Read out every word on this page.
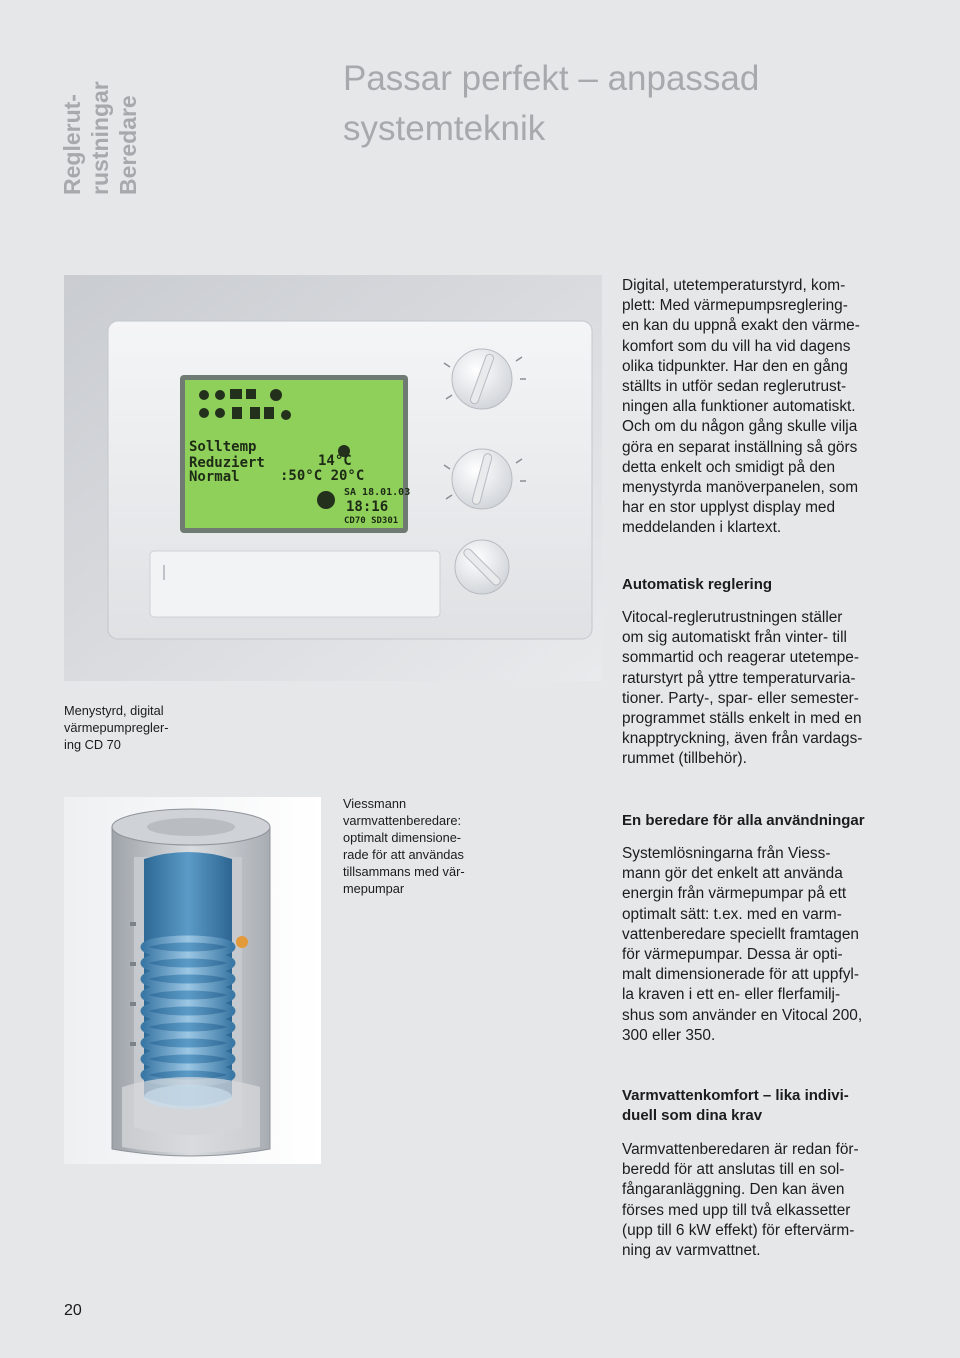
Reglerut- rustningar Beredare
Passar perfekt – anpassad
systemteknik
Solltemp
14°C
Reduziert
:50°C 20°C
Normal
SA 18.01.03
18:16
CD70 SD301
Digital, utetemperaturstyrd, kom-
plett: Med värmepumpsreglering-
en kan du uppnå exakt den värme-
komfort som du vill ha vid dagens
olika tidpunkter. Har den en gång
ställts in utför sedan reglerutrust-
ningen alla funktioner automatiskt.
Och om du någon gång skulle vilja
göra en separat inställning så görs
detta enkelt och smidigt på den
menystyrda manöverpanelen, som
har en stor upplyst display med
meddelanden i klartext.
Automatisk reglering
Vitocal-reglerutrustningen ställer
om sig automatiskt från vinter- till
sommartid och reagerar utetempe-
raturstyrt på yttre temperaturvaria-
tioner. Party-, spar- eller semester-
programmet ställs enkelt in med en
knapptryckning, även från vardags-
rummet (tillbehör).
Menystyrd, digital
värmepumpregler-
ing CD 70
Viessmann
varmvattenberedare:
optimalt dimensione-
rade för att användas
tillsammans med vär-
mepumpar
En beredare för alla användningar
Systemlösningarna från Viess-
mann gör det enkelt att använda
energin från värmepumpar på ett
optimalt sätt: t.ex. med en varm-
vattenberedare speciellt framtagen
för värmepumpar. Dessa är opti-
malt dimensionerade för att uppfyl-
la kraven i ett en- eller flerfamilj-
shus som använder en Vitocal 200,
300 eller 350.
Varmvattenkomfort – lika indivi-
duell som dina krav
Varmvattenberedaren är redan för-
beredd för att anslutas till en sol-
fångaranläggning. Den kan även
förses med upp till två elkassetter
(upp till 6 kW effekt) för eftervärm-
ning av varmvattnet.
20
